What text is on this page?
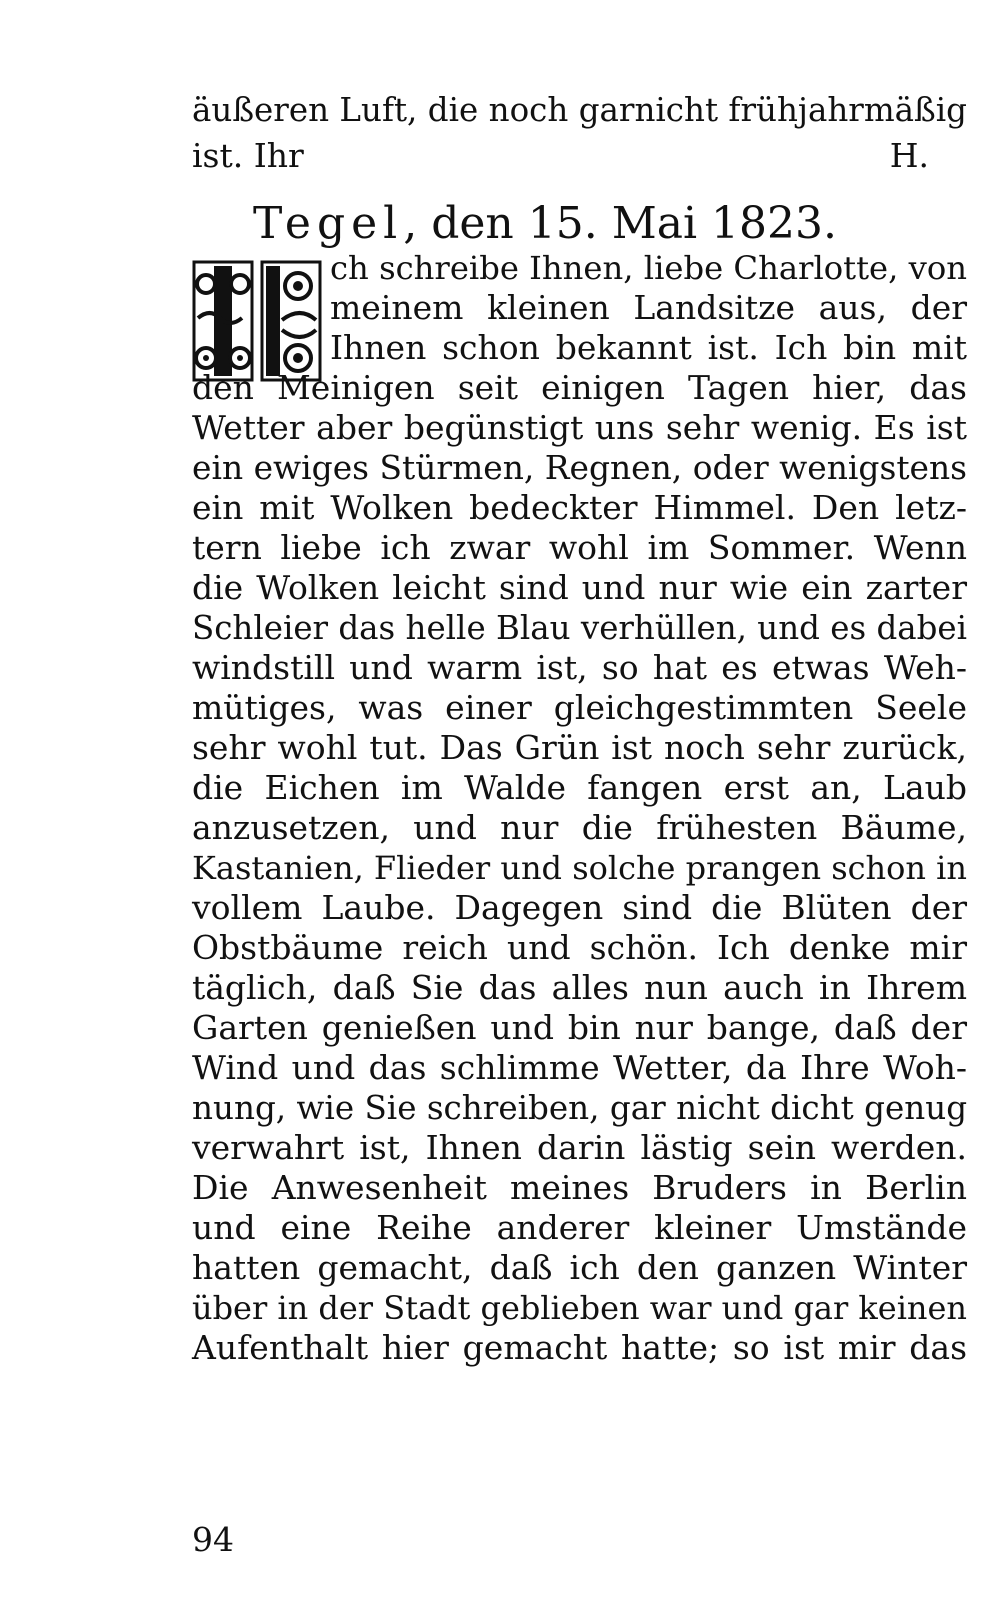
äußeren Luft, die noch garnicht frühjahrmäßig
ist. Ihr	H.
Tegel, den 15. Mai 1823.
ch schreibe Ihnen, liebe Charlotte, von
meinem kleinen Landsitze aus, der
Ihnen schon bekannt ist. Ich bin mit
den Meinigen seit einigen Tagen hier, das
Wetter aber begünstigt uns sehr wenig. Es ist
ein ewiges Stürmen, Regnen, oder wenigstens
ein mit Wolken bedeckter Himmel. Den letz-
tern liebe ich zwar wohl im Sommer. Wenn
die Wolken leicht sind und nur wie ein zarter
Schleier das helle Blau verhüllen, und es dabei
windstill und warm ist, so hat es etwas Weh-
mütiges, was einer gleichgestimmten Seele
sehr wohl tut. Das Grün ist noch sehr zurück,
die Eichen im Walde fangen erst an, Laub
anzusetzen, und nur die frühesten Bäume,
Kastanien, Flieder und solche prangen schon in
vollem Laube. Dagegen sind die Blüten der
Obstbäume reich und schön. Ich denke mir
täglich, daß Sie das alles nun auch in Ihrem
Garten genießen und bin nur bange, daß der
Wind und das schlimme Wetter, da Ihre Woh-
nung, wie Sie schreiben, gar nicht dicht genug
verwahrt ist, Ihnen darin lästig sein werden.
Die Anwesenheit meines Bruders in Berlin
und eine Reihe anderer kleiner Umstände
hatten gemacht, daß ich den ganzen Winter
über in der Stadt geblieben war und gar keinen
Aufenthalt hier gemacht hatte; so ist mir das
94
